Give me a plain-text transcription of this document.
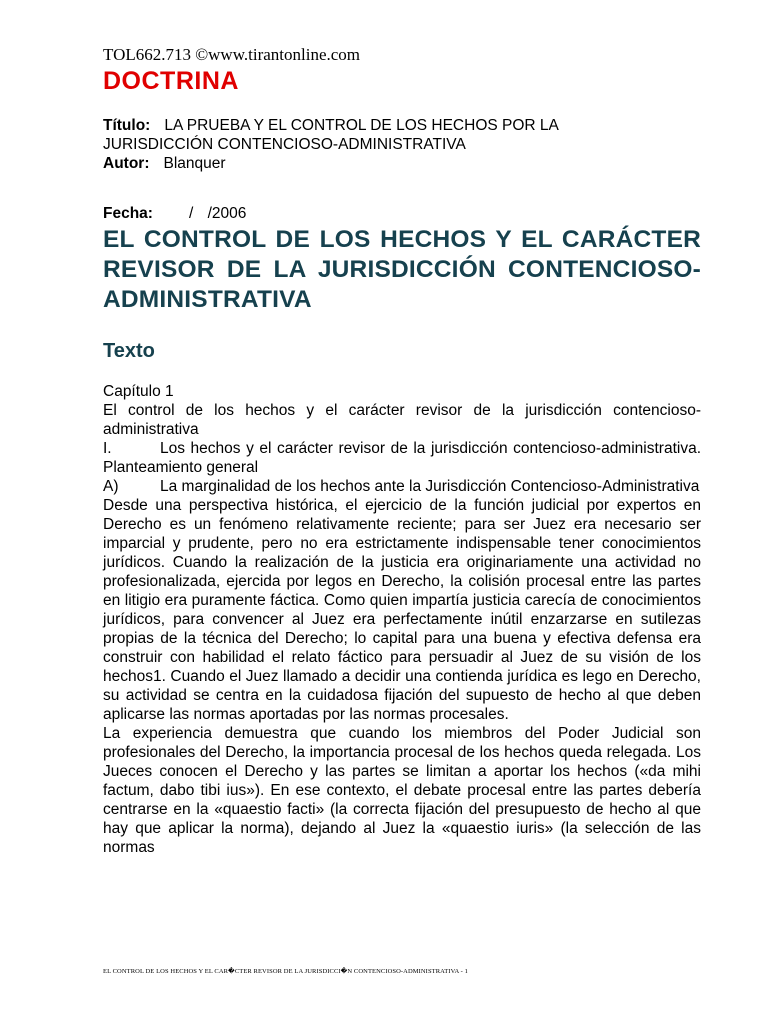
TOL662.713 ©www.tirantonline.com

DOCTRINA

Título: LA PRUEBA Y EL CONTROL DE LOS HECHOS POR LA

JURISDICCIÓN CONTENCIOSO-ADMINISTRATIVA

Autor: Blanquer

Fecha: / /2006

EL CONTROL DE LOS HECHOS Y EL CARÁCTER REVISOR DE LA JURISDICCIÓN CONTENCIOSO-ADMINISTRATIVA
Texto

Capítulo 1

El control de los hechos y el carácter revisor de la jurisdicción contencioso-administrativa

I.	Los hechos y el carácter revisor de la jurisdicción contencioso-administrativa. Planteamiento general

A)	La marginalidad de los hechos ante la Jurisdicción Contencioso-Administrativa

Desde una perspectiva histórica, el ejercicio de la función judicial por expertos en Derecho es un fenómeno relativamente reciente; para ser Juez era necesario ser imparcial y prudente, pero no era estrictamente indispensable tener conocimientos jurídicos. Cuando la realización de la justicia era originariamente una actividad no profesionalizada, ejercida por legos en Derecho, la colisión procesal entre las partes en litigio era puramente fáctica. Como quien impartía justicia carecía de conocimientos jurídicos, para convencer al Juez era perfectamente inútil enzarzarse en sutilezas propias de la técnica del Derecho; lo capital para una buena y efectiva defensa era construir con habilidad el relato fáctico para persuadir al Juez de su visión de los hechos1. Cuando el Juez llamado a decidir una contienda jurídica es lego en Derecho, su actividad se centra en la cuidadosa fijación del supuesto de hecho al que deben aplicarse las normas aportadas por las normas procesales.

La experiencia demuestra que cuando los miembros del Poder Judicial son profesionales del Derecho, la importancia procesal de los hechos queda relegada. Los Jueces conocen el Derecho y las partes se limitan a aportar los hechos («da mihi factum, dabo tibi ius»). En ese contexto, el debate procesal entre las partes debería centrarse en la «quaestio facti» (la correcta fijación del presupuesto de hecho al que hay que aplicar la norma), dejando al Juez la «quaestio iuris» (la selección de las normas

EL CONTROL DE LOS HECHOS Y EL CAR�CTER REVISOR DE LA JURISDICCI�N CONTENCIOSO-ADMINISTRATIVA - 1
